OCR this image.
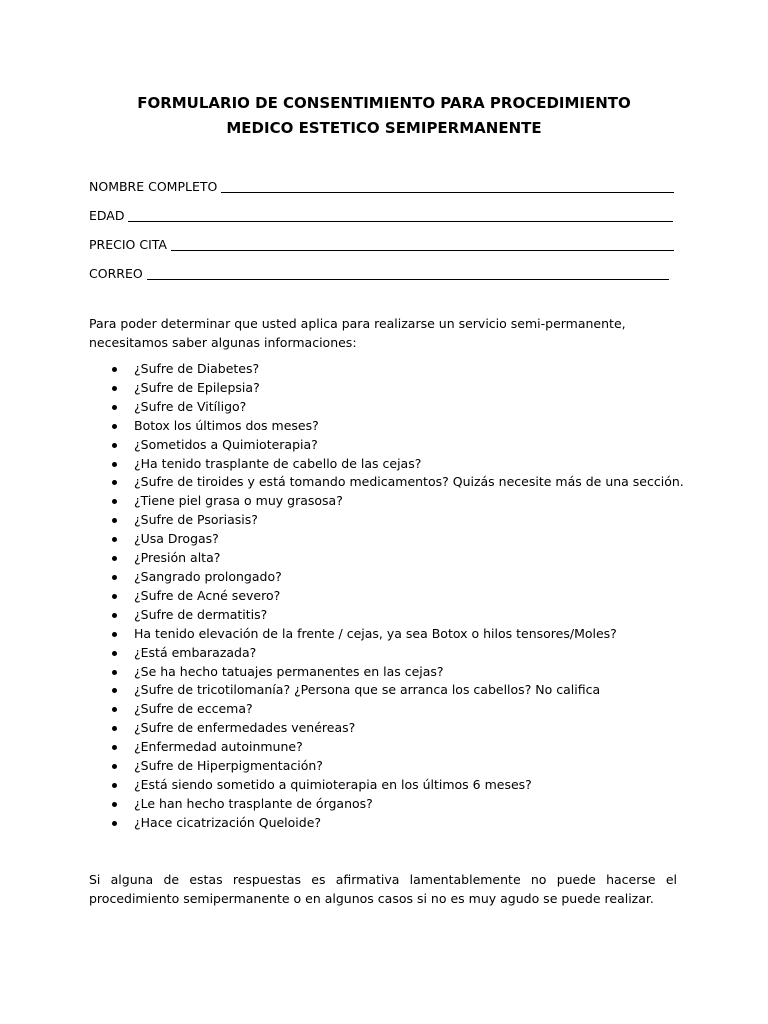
FORMULARIO DE CONSENTIMIENTO PARA PROCEDIMIENTO
MEDICO ESTETICO SEMIPERMANENTE
NOMBRE COMPLETO
EDAD
PRECIO CITA
CORREO
Para poder determinar que usted aplica para realizarse un servicio semi-permanente,
necesitamos saber algunas informaciones:
¿Sufre de Diabetes?
¿Sufre de Epilepsia?
¿Sufre de Vitíligo?
Botox los últimos dos meses?
¿Sometidos a Quimioterapia?
¿Ha tenido trasplante de cabello de las cejas?
¿Sufre de tiroides y está tomando medicamentos? Quizás necesite más de una sección.
¿Tiene piel grasa o muy grasosa?
¿Sufre de Psoriasis?
¿Usa Drogas?
¿Presión alta?
¿Sangrado prolongado?
¿Sufre de Acné severo?
¿Sufre de dermatitis?
Ha tenido elevación de la frente / cejas, ya sea Botox o hilos tensores/Moles?
¿Está embarazada?
¿Se ha hecho tatuajes permanentes en las cejas?
¿Sufre de tricotilomanía? ¿Persona que se arranca los cabellos? No califica
¿Sufre de eccema?
¿Sufre de enfermedades venéreas?
¿Enfermedad autoinmune?
¿Sufre de Hiperpigmentación?
¿Está siendo sometido a quimioterapia en los últimos 6 meses?
¿Le han hecho trasplante de órganos?
¿Hace cicatrización Queloide?
Si alguna de estas respuestas es afirmativa lamentablemente no puede hacerse el procedimiento semipermanente o en algunos casos si no es muy agudo se puede realizar.
